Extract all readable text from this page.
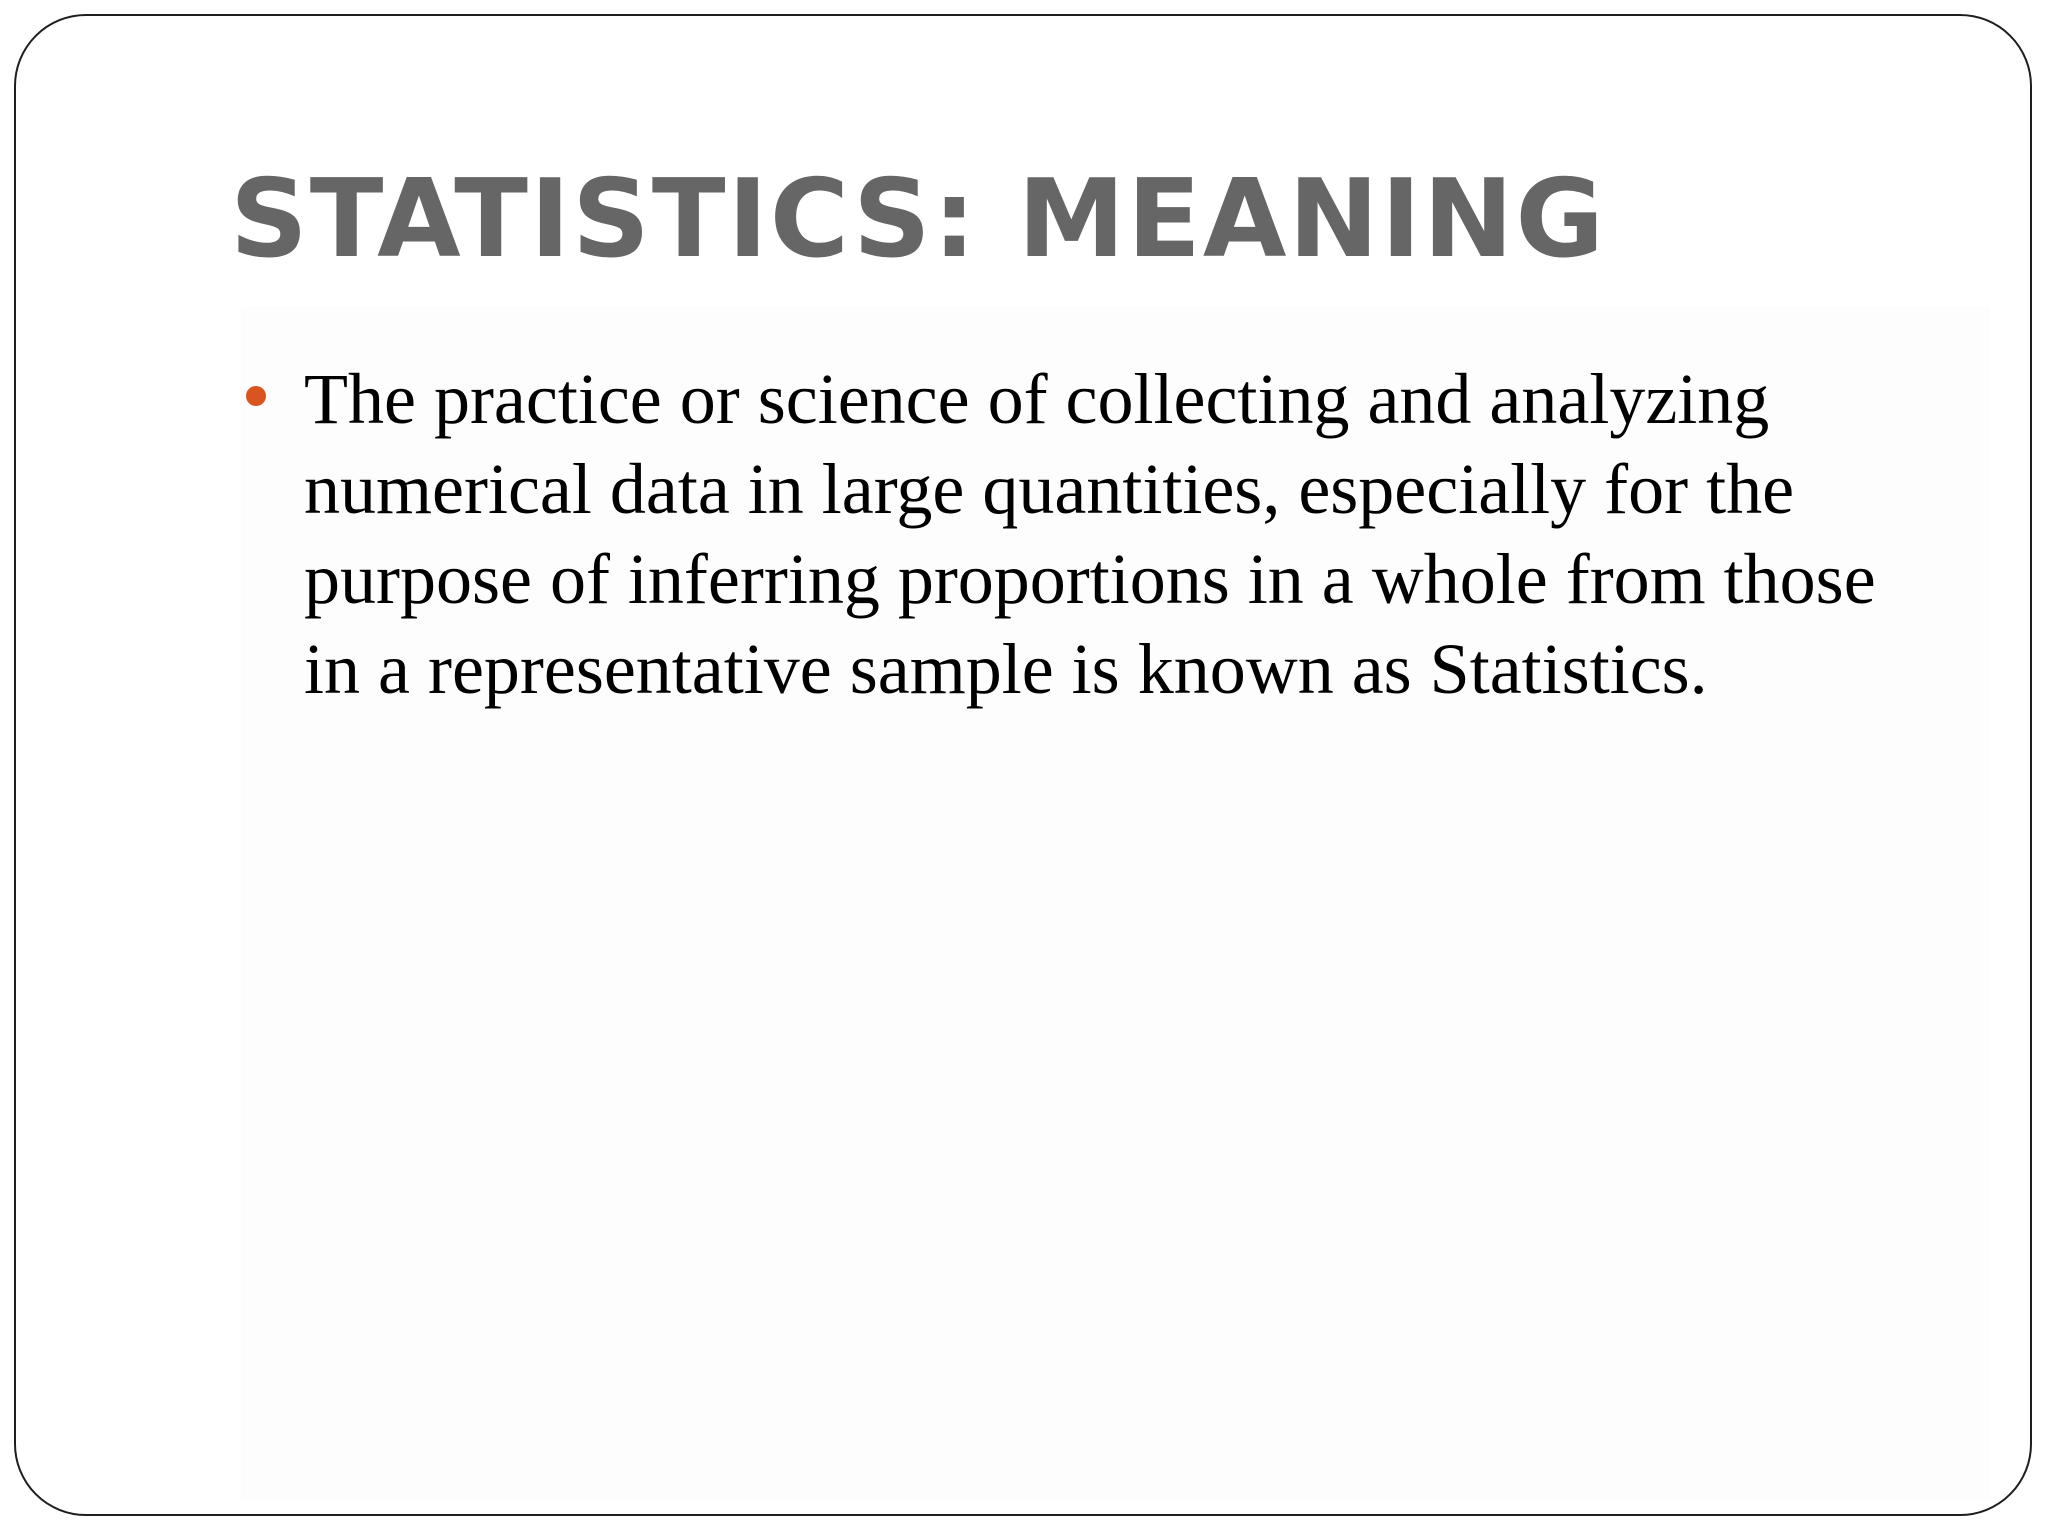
STATISTICS: MEANING
The practice or science of collecting and analyzing
numerical data in large quantities, especially for the
purpose of inferring proportions in a whole from those
in a representative sample is known as Statistics.
